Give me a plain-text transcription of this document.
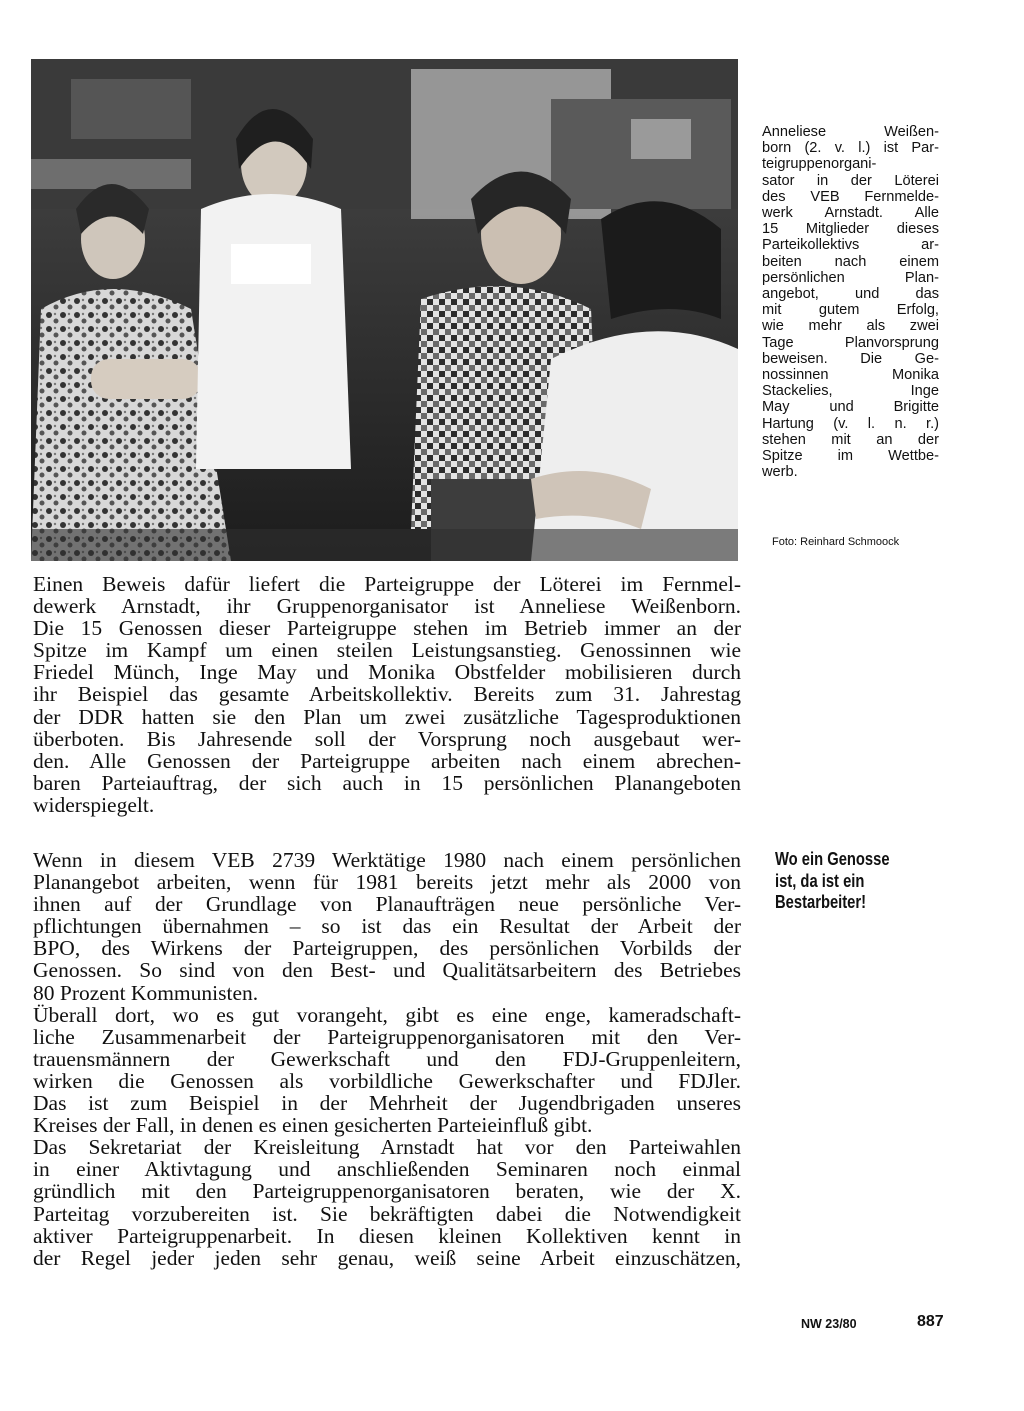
Anneliese Weißen-
born (2. v. l.) ist Par-
teigruppenorgani-
sator in der Löterei
des VEB Fernmelde-
werk Arnstadt. Alle
15 Mitglieder dieses
Parteikollektivs ar-
beiten nach einem
persönlichen Plan-
angebot, und das
mit gutem Erfolg,
wie mehr als zwei
Tage Planvorsprung
beweisen. Die Ge-
nossinnen Monika
Stackelies, Inge
May und Brigitte
Hartung (v. l. n. r.)
stehen mit an der
Spitze im Wettbe-
werb.
Foto: Reinhard Schmoock
Einen Beweis dafür liefert die Parteigruppe der Löterei im Fernmel-
dewerk Arnstadt, ihr Gruppenorganisator ist Anneliese Weißenborn.
Die 15 Genossen dieser Parteigruppe stehen im Betrieb immer an der
Spitze im Kampf um einen steilen Leistungsanstieg. Genossinnen wie
Friedel Münch, Inge May und Monika Obstfelder mobilisieren durch
ihr Beispiel das gesamte Arbeitskollektiv. Bereits zum 31. Jahrestag
der DDR hatten sie den Plan um zwei zusätzliche Tagesproduktionen
überboten. Bis Jahresende soll der Vorsprung noch ausgebaut wer-
den. Alle Genossen der Parteigruppe arbeiten nach einem abrechen-
baren Parteiauftrag, der sich auch in 15 persönlichen Planangeboten
widerspiegelt.
Wenn in diesem VEB 2739 Werktätige 1980 nach einem persönlichen
Planangebot arbeiten, wenn für 1981 bereits jetzt mehr als 2000 von
ihnen auf der Grundlage von Planaufträgen neue persönliche Ver-
pflichtungen übernahmen – so ist das ein Resultat der Arbeit der
BPO, des Wirkens der Parteigruppen, des persönlichen Vorbilds der
Genossen. So sind von den Best- und Qualitätsarbeitern des Betriebes
80 Prozent Kommunisten.
Überall dort, wo es gut vorangeht, gibt es eine enge, kameradschaft-
liche Zusammenarbeit der Parteigruppenorganisatoren mit den Ver-
trauensmännern der Gewerkschaft und den FDJ-Gruppenleitern,
wirken die Genossen als vorbildliche Gewerkschafter und FDJler.
Das ist zum Beispiel in der Mehrheit der Jugendbrigaden unseres
Kreises der Fall, in denen es einen gesicherten Parteieinfluß gibt.
Das Sekretariat der Kreisleitung Arnstadt hat vor den Parteiwahlen
in einer Aktivtagung und anschließenden Seminaren noch einmal
gründlich mit den Parteigruppenorganisatoren beraten, wie der X.
Parteitag vorzubereiten ist. Sie bekräftigten dabei die Notwendigkeit
aktiver Parteigruppenarbeit. In diesen kleinen Kollektiven kennt in
der Regel jeder jeden sehr genau, weiß seine Arbeit einzuschätzen,
Wo ein Genosse
ist, da ist ein
Bestarbeiter!
NW 23/80	887
